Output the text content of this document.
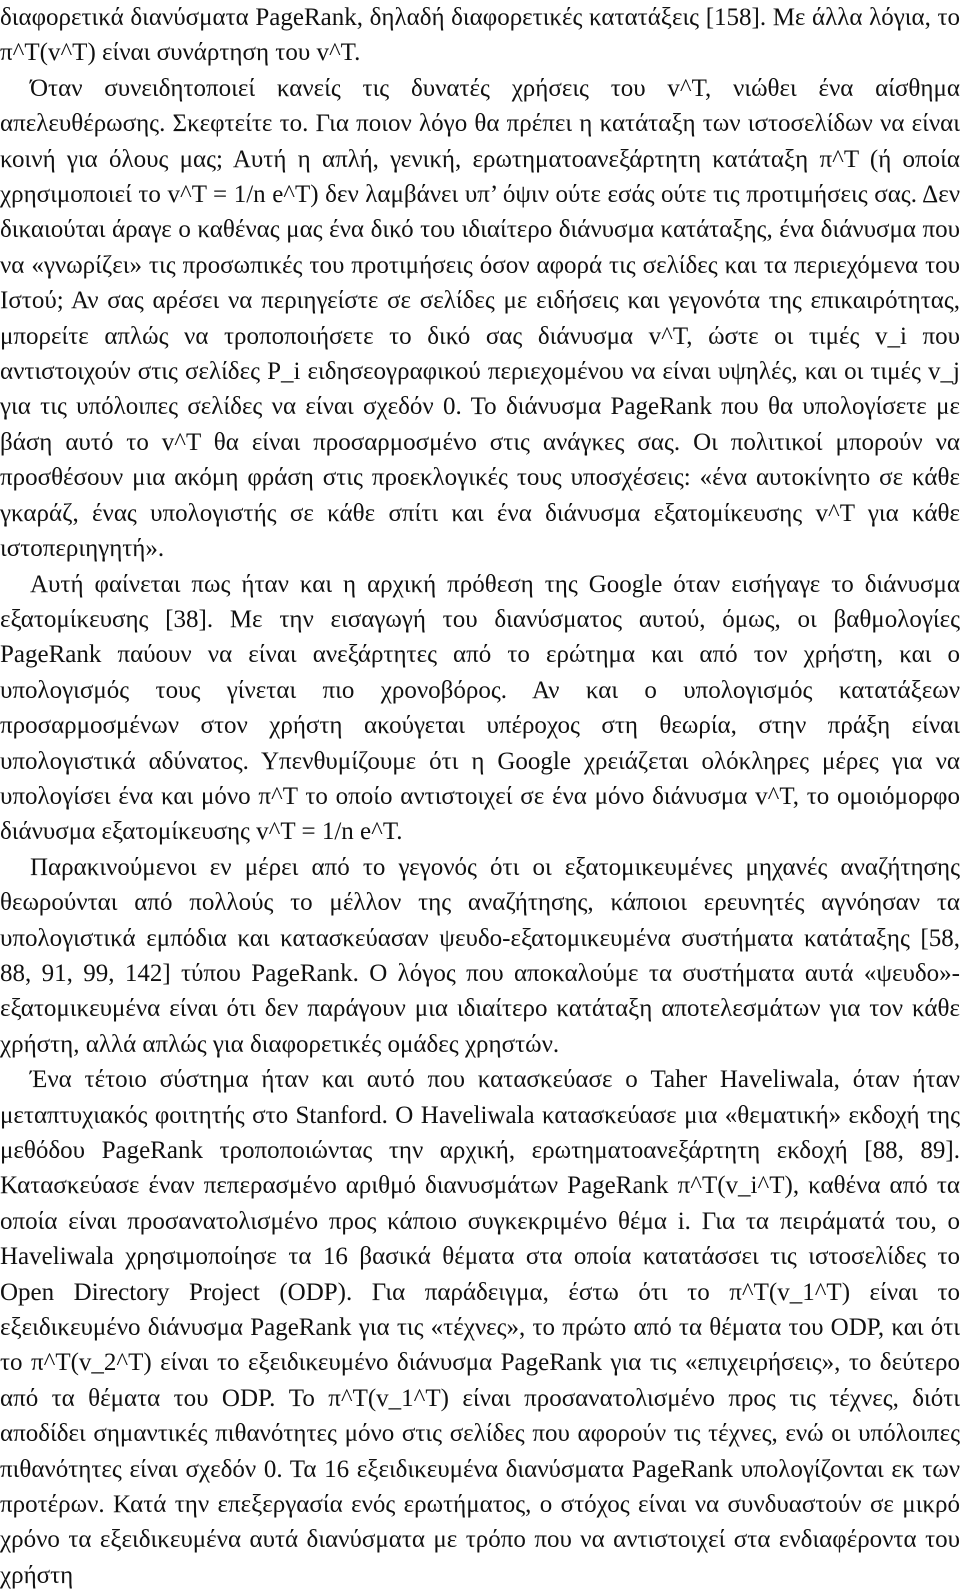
διαφορετικά διανύσματα PageRank, δηλαδή διαφορετικές κατατάξεις [158]. Με άλλα λόγια, το π^T(v^T) είναι συνάρτηση του v^T.

Όταν συνειδητοποιεί κανείς τις δυνατές χρήσεις του v^T, νιώθει ένα αίσθημα απελευθέρωσης. Σκεφτείτε το. Για ποιον λόγο θα πρέπει η κατάταξη των ιστοσελίδων να είναι κοινή για όλους μας; Αυτή η απλή, γενική, ερωτηματοανεξάρτητη κατάταξη π^T (ή οποία χρησιμοποιεί το v^T = 1/n e^T) δεν λαμβάνει υπ’ όψιν ούτε εσάς ούτε τις προτιμήσεις σας. Δεν δικαιούται άραγε ο καθένας μας ένα δικό του ιδιαίτερο διάνυσμα κατάταξης, ένα διάνυσμα που να «γνωρίζει» τις προσωπικές του προτιμήσεις όσον αφορά τις σελίδες και τα περιεχόμενα του Ιστού; Αν σας αρέσει να περιηγείστε σε σελίδες με ειδήσεις και γεγονότα της επικαιρότητας, μπορείτε απλώς να τροποποιήσετε το δικό σας διάνυσμα v^T, ώστε οι τιμές v_i που αντιστοιχούν στις σελίδες P_i ειδησεογραφικού περιεχομένου να είναι υψηλές, και οι τιμές v_j για τις υπόλοιπες σελίδες να είναι σχεδόν 0. Το διάνυσμα PageRank που θα υπολογίσετε με βάση αυτό το v^T θα είναι προσαρμοσμένο στις ανάγκες σας. Οι πολιτικοί μπορούν να προσθέσουν μια ακόμη φράση στις προεκλογικές τους υποσχέσεις: «ένα αυτοκίνητο σε κάθε γκαράζ, ένας υπολογιστής σε κάθε σπίτι και ένα διάνυσμα εξατομίκευσης v^T για κάθε ιστοπεριηγητή».

Αυτή φαίνεται πως ήταν και η αρχική πρόθεση της Google όταν εισήγαγε το διάνυσμα εξατομίκευσης [38]. Με την εισαγωγή του διανύσματος αυτού, όμως, οι βαθμολογίες PageRank παύουν να είναι ανεξάρτητες από το ερώτημα και από τον χρήστη, και ο υπολογισμός τους γίνεται πιο χρονοβόρος. Αν και ο υπολογισμός κατατάξεων προσαρμοσμένων στον χρήστη ακούγεται υπέροχος στη θεωρία, στην πράξη είναι υπολογιστικά αδύνατος. Υπενθυμίζουμε ότι η Google χρειάζεται ολόκληρες μέρες για να υπολογίσει ένα και μόνο π^T το οποίο αντιστοιχεί σε ένα μόνο διάνυσμα v^T, το ομοιόμορφο διάνυσμα εξατομίκευσης v^T = 1/n e^T.

Παρακινούμενοι εν μέρει από το γεγονός ότι οι εξατομικευμένες μηχανές αναζήτησης θεωρούνται από πολλούς το μέλλον της αναζήτησης, κάποιοι ερευνητές αγνόησαν τα υπολογιστικά εμπόδια και κατασκεύασαν ψευδο-εξατομικευμένα συστήματα κατάταξης [58, 88, 91, 99, 142] τύπου PageRank. Ο λόγος που αποκαλούμε τα συστήματα αυτά «ψευδο»-εξατομικευμένα είναι ότι δεν παράγουν μια ιδιαίτερο κατάταξη αποτελεσμάτων για τον κάθε χρήστη, αλλά απλώς για διαφορετικές ομάδες χρηστών.

Ένα τέτοιο σύστημα ήταν και αυτό που κατασκεύασε ο Taher Haveliwala, όταν ήταν μεταπτυχιακός φοιτητής στο Stanford. Ο Haveliwala κατασκεύασε μια «θεματική» εκδοχή της μεθόδου PageRank τροποποιώντας την αρχική, ερωτηματοανεξάρτητη εκδοχή [88, 89]. Κατασκεύασε έναν πεπερασμένο αριθμό διανυσμάτων PageRank π^T(v_i^T), καθένα από τα οποία είναι προσανατολισμένο προς κάποιο συγκεκριμένο θέμα i. Για τα πειράματά του, ο Haveliwala χρησιμοποίησε τα 16 βασικά θέματα στα οποία κατατάσσει τις ιστοσελίδες το Open Directory Project (ODP). Για παράδειγμα, έστω ότι το π^T(v_1^T) είναι το εξειδικευμένο διάνυσμα PageRank για τις «τέχνες», το πρώτο από τα θέματα του ODP, και ότι το π^T(v_2^T) είναι το εξειδικευμένο διάνυσμα PageRank για τις «επιχειρήσεις», το δεύτερο από τα θέματα του ODP. Το π^T(v_1^T) είναι προσανατολισμένο προς τις τέχνες, διότι αποδίδει σημαντικές πιθανότητες μόνο στις σελίδες που αφορούν τις τέχνες, ενώ οι υπόλοιπες πιθανότητες είναι σχεδόν 0. Τα 16 εξειδικευμένα διανύσματα PageRank υπολογίζονται εκ των προτέρων. Κατά την επεξεργασία ενός ερωτήματος, ο στόχος είναι να συνδυαστούν σε μικρό χρόνο τα εξειδικευμένα αυτά διανύσματα με τρόπο που να αντιστοιχεί στα ενδιαφέροντα του χρήστη
